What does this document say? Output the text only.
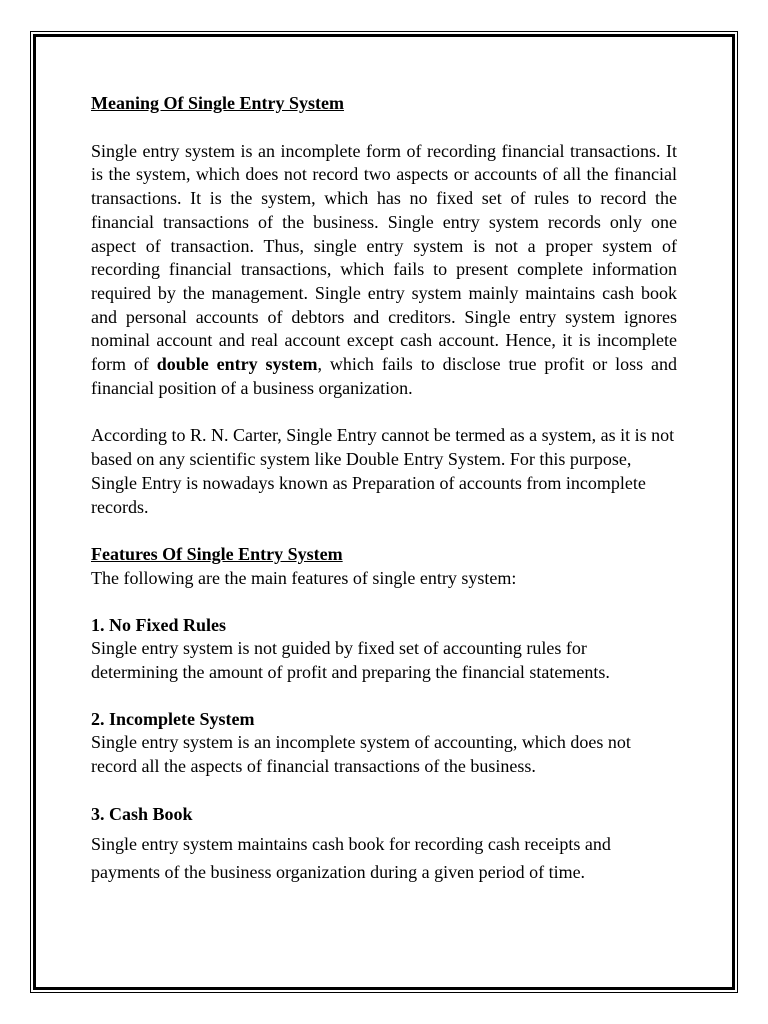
Meaning Of Single Entry System

Single entry system is an incomplete form of recording financial transactions. It is the system, which does not record two aspects or accounts of all the financial transactions. It is the system, which has no fixed set of rules to record the financial transactions of the business. Single entry system records only one aspect of transaction. Thus, single entry system is not a proper system of recording financial transactions, which fails to present complete information required by the management. Single entry system mainly maintains cash book and personal accounts of debtors and creditors. Single entry system ignores nominal account and real account except cash account. Hence, it is incomplete form of double entry system, which fails to disclose true profit or loss and financial position of a business organization.

According to R. N. Carter, Single Entry cannot be termed as a system, as it is not based on any scientific system like Double Entry System. For this purpose, Single Entry is nowadays known as Preparation of accounts from incomplete records.

Features Of Single Entry System

The following are the main features of single entry system:

1. No Fixed Rules

Single entry system is not guided by fixed set of accounting rules for determining the amount of profit and preparing the financial statements.

2. Incomplete System

Single entry system is an incomplete system of accounting, which does not record all the aspects of financial transactions of the business.

3. Cash Book

Single entry system maintains cash book for recording cash receipts and payments of the business organization during a given period of time.
